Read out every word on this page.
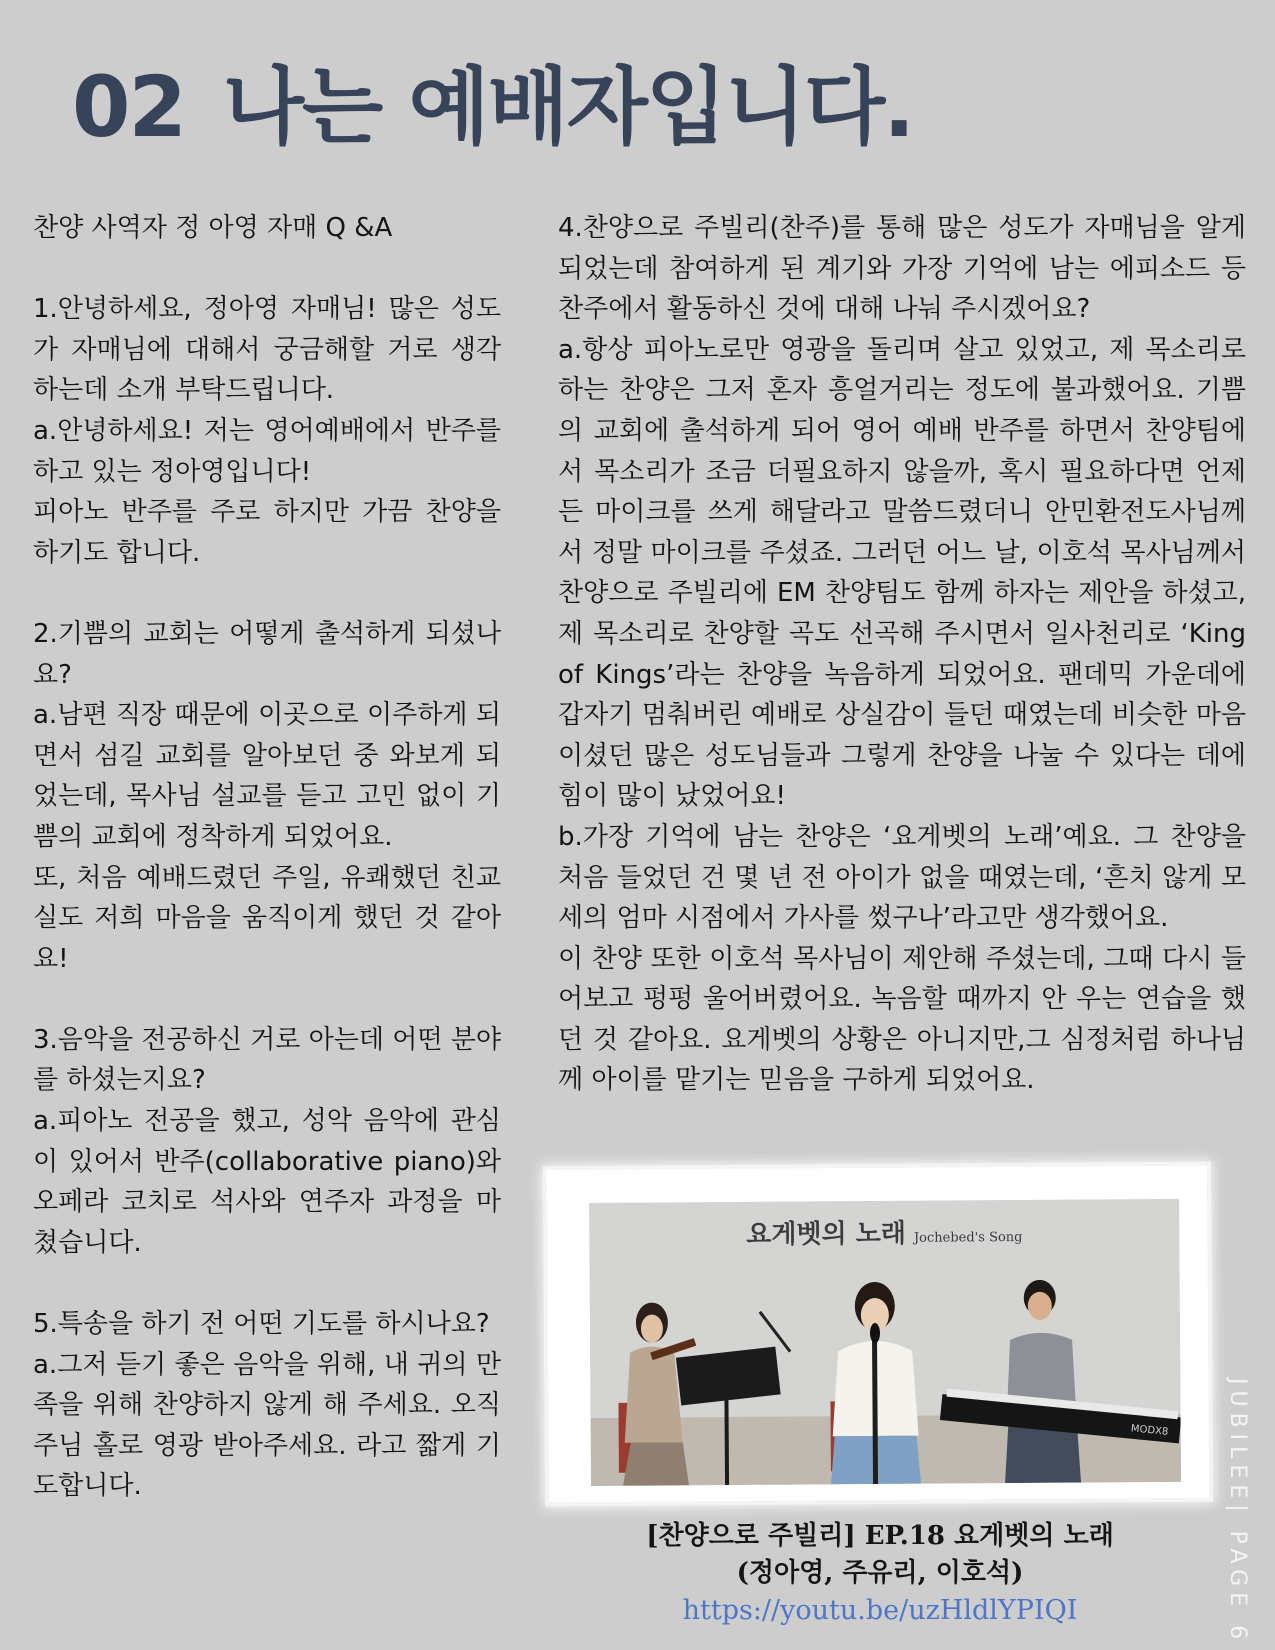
02 나는 예배자입니다.

찬양 사역자 정 아영 자매 Q &A

1.안녕하세요, 정아영 자매님! 많은 성도가 자매님에 대해서 궁금해할 거로 생각하는데 소개 부탁드립니다.

a.안녕하세요! 저는 영어예배에서 반주를 하고 있는 정아영입니다!

피아노 반주를 주로 하지만 가끔 찬양을 하기도 합니다.

2.기쁨의 교회는 어떻게 출석하게 되셨나요?

a.남편 직장 때문에 이곳으로 이주하게 되면서 섬길 교회를 알아보던 중 와보게 되었는데, 목사님 설교를 듣고 고민 없이 기쁨의 교회에 정착하게 되었어요.

또, 처음 예배드렸던 주일, 유쾌했던 친교실도 저희 마음을 움직이게 했던 것 같아요!

3.음악을 전공하신 거로 아는데 어떤 분야를 하셨는지요?

a.피아노 전공을 했고, 성악 음악에 관심이 있어서 반주(collaborative piano)와 오페라 코치로 석사와 연주자 과정을 마쳤습니다.

5.특송을 하기 전 어떤 기도를 하시나요?

a.그저 듣기 좋은 음악을 위해, 내 귀의 만족을 위해 찬양하지 않게 해 주세요. 오직 주님 홀로 영광 받아주세요. 라고 짧게 기도합니다.

4.찬양으로 주빌리(찬주)를 통해 많은 성도가 자매님을 알게 되었는데 참여하게 된 계기와 가장 기억에 남는 에피소드 등 찬주에서 활동하신 것에 대해 나눠 주시겠어요?

a.항상 피아노로만 영광을 돌리며 살고 있었고, 제 목소리로 하는 찬양은 그저 혼자 흥얼거리는 정도에 불과했어요. 기쁨의 교회에 출석하게 되어 영어 예배 반주를 하면서 찬양팀에서 목소리가 조금 더필요하지 않을까, 혹시 필요하다면 언제든 마이크를 쓰게 해달라고 말씀드렸더니 안민환전도사님께서 정말 마이크를 주셨죠. 그러던 어느 날, 이호석 목사님께서 찬양으로 주빌리에 EM 찬양팀도 함께 하자는 제안을 하셨고, 제 목소리로 찬양할 곡도 선곡해 주시면서 일사천리로 ‘King of Kings’라는 찬양을 녹음하게 되었어요. 팬데믹 가운데에 갑자기 멈춰버린 예배로 상실감이 들던 때였는데 비슷한 마음이셨던 많은 성도님들과 그렇게 찬양을 나눌 수 있다는 데에 힘이 많이 났었어요!

b.가장 기억에 남는 찬양은 ‘요게벳의 노래’예요. 그 찬양을 처음 들었던 건 몇 년 전 아이가 없을 때였는데, ‘흔치 않게 모세의 엄마 시점에서 가사를 썼구나’라고만 생각했어요.

이 찬양 또한 이호석 목사님이 제안해 주셨는데, 그때 다시 들어보고 펑펑 울어버렸어요. 녹음할 때까지 안 우는 연습을 했던 것 같아요. 요게벳의 상황은 아니지만,그 심정처럼 하나님께 아이를 맡기는 믿음을 구하게 되었어요.

MODX8
요게벳의 노래 Jochebed's Song
[찬양으로 주빌리] EP.18 요게벳의 노래
(정아영, 주유리, 이호석)
https://youtu.be/uzHldlYPIQI	JUBILEE| PAGE 6
